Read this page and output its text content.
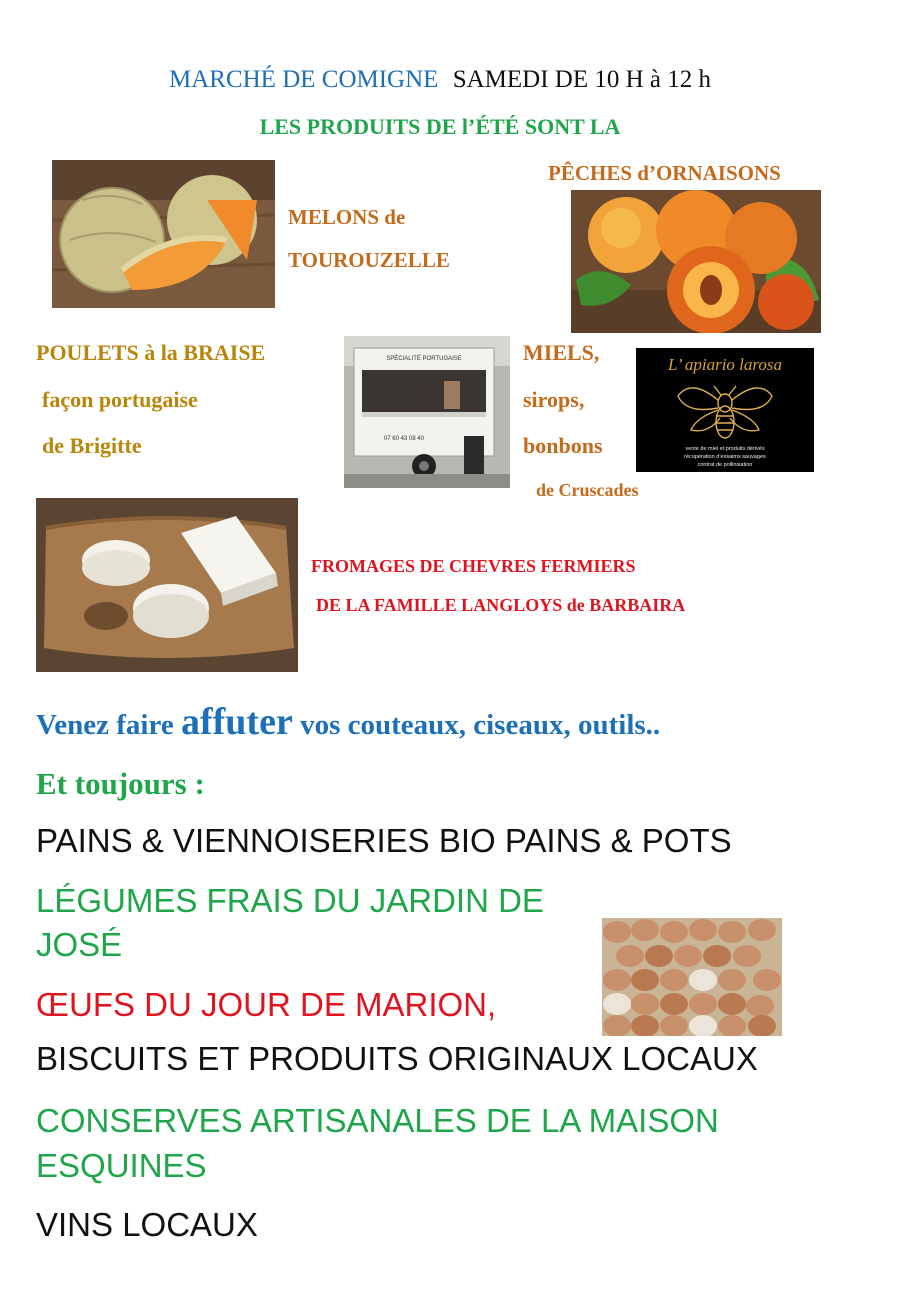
MARCHÉ DE COMIGNE SAMEDI DE 10 H à 12 h
LES PRODUITS DE l’ÉTÉ SONT LA
MELONS de
TOUROUZELLE
PÊCHES d’ORNAISONS
POULETS à la BRAISE
façon portugaise
de Brigitte
SPÉCIALITÉ PORTUGAISE
07 60 43 08 40
MIELS,
sirops,
bonbons
de Cruscades
L’ apiario larosa
vente de miel et produits dérivés
récupération d’essaims sauvages
contrat de pollinisation
FROMAGES DE CHEVRES FERMIERS
DE LA FAMILLE LANGLOYS de BARBAIRA
Venez faire affuter vos couteaux, ciseaux, outils..
Et toujours :
PAINS & VIENNOISERIES BIO PAINS & POTS
LÉGUMES FRAIS DU JARDIN DE
JOSÉ
ŒUFS DU JOUR DE MARION,
BISCUITS ET PRODUITS ORIGINAUX LOCAUX
CONSERVES ARTISANALES DE LA MAISON
ESQUINES
VINS LOCAUX
